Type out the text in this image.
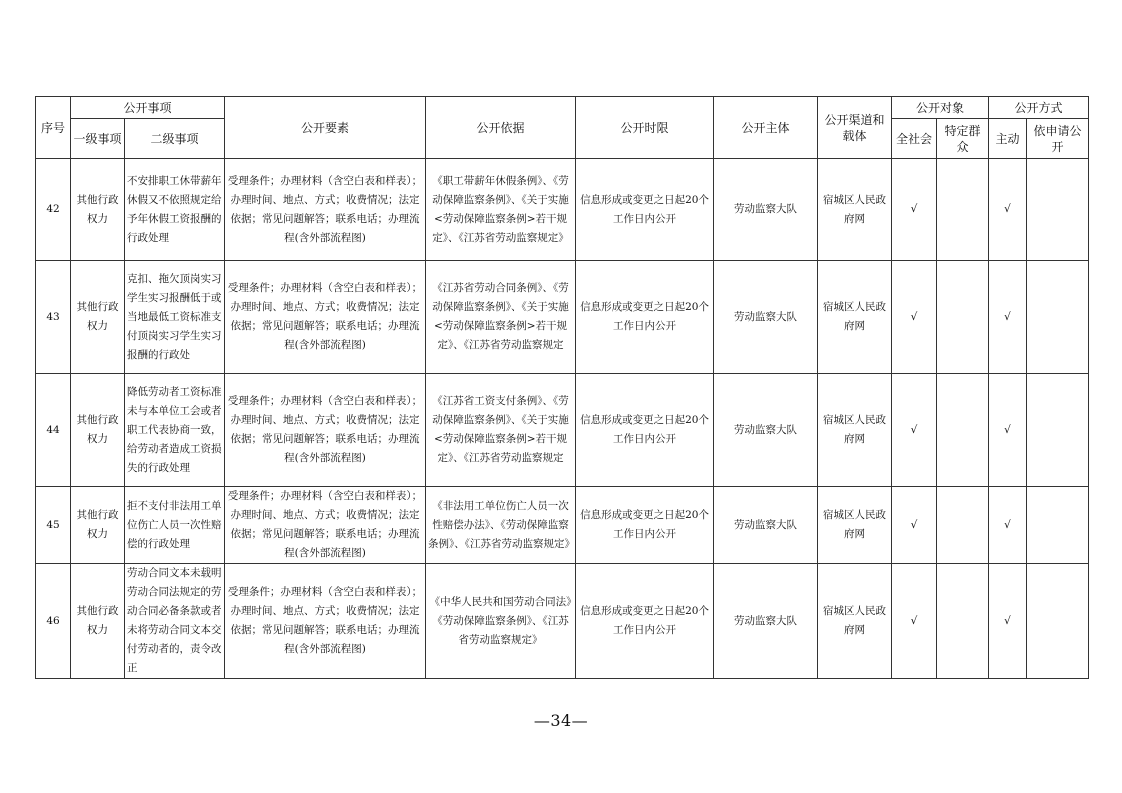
序号	公开事项		公开要素	公开依据	公开时限	公开主体	公开渠道和载体	公开对象		公开方式	
	一级事项	二级事项						全社会	特定群众	主动	依申请公开
42	其他行政权力	不安排职工休带薪年休假又不依照规定给予年休假工资报酬的行政处理	受理条件；办理材料（含空白表和样表）；办理时间、地点、方式；收费情况；法定依据；常见问题解答；联系电话；办理流程(含外部流程图)	《职工带薪年休假条例》、《劳动保障监察条例》、《关于实施<劳动保障监察条例>若干规定》、《江苏省劳动监察规定》	信息形成或变更之日起20个工作日内公开	劳动监察大队	宿城区人民政府网	√		√	
43	其他行政权力	克扣、拖欠顶岗实习学生实习报酬低于或当地最低工资标准支付顶岗实习学生实习报酬的行政处	受理条件；办理材料（含空白表和样表）；办理时间、地点、方式；收费情况；法定依据；常见问题解答；联系电话；办理流程(含外部流程图)	《江苏省劳动合同条例》、《劳动保障监察条例》、《关于实施<劳动保障监察条例>若干规定》、《江苏省劳动监察规定	信息形成或变更之日起20个工作日内公开	劳动监察大队	宿城区人民政府网	√		√	
44	其他行政权力	降低劳动者工资标准未与本单位工会或者职工代表协商一致，给劳动者造成工资损失的行政处理	受理条件；办理材料（含空白表和样表）；办理时间、地点、方式；收费情况；法定依据；常见问题解答；联系电话；办理流程(含外部流程图)	《江苏省工资支付条例》、《劳动保障监察条例》、《关于实施<劳动保障监察条例>若干规定》、《江苏省劳动监察规定	信息形成或变更之日起20个工作日内公开	劳动监察大队	宿城区人民政府网	√		√	
45	其他行政权力	拒不支付非法用工单位伤亡人员一次性赔偿的行政处理	受理条件；办理材料（含空白表和样表）；办理时间、地点、方式；收费情况；法定依据；常见问题解答；联系电话；办理流程(含外部流程图)	《非法用工单位伤亡人员一次性赔偿办法》、《劳动保障监察条例》、《江苏省劳动监察规定》	信息形成或变更之日起20个工作日内公开	劳动监察大队	宿城区人民政府网	√		√	
46	其他行政权力	劳动合同文本未载明劳动合同法规定的劳动合同必备条款或者未将劳动合同文本交付劳动者的，责令改正	受理条件；办理材料（含空白表和样表）；办理时间、地点、方式；收费情况；法定依据；常见问题解答；联系电话；办理流程(含外部流程图)	《中华人民共和国劳动合同法》《劳动保障监察条例》、《江苏省劳动监察规定》	信息形成或变更之日起20个工作日内公开	劳动监察大队	宿城区人民政府网	√		√	
—34—
